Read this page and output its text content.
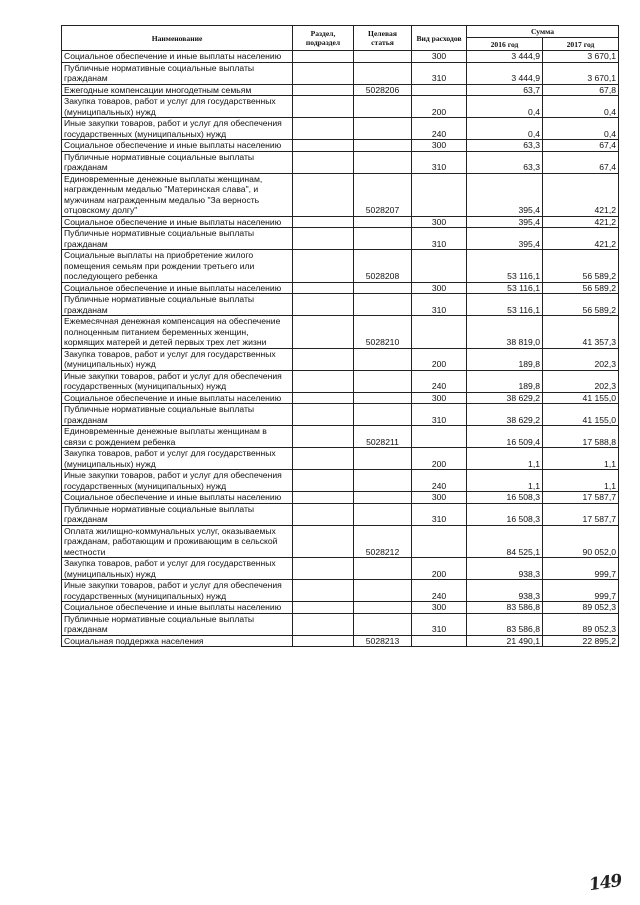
Наименование	Раздел, подраздел	Целевая статья	Вид расходов	Сумма	
				2016 год	2017 год
Социальное обеспечение и иные выплаты населению			300	3 444,9	3 670,1
Публичные нормативные социальные выплаты гражданам			310	3 444,9	3 670,1
Ежегодные компенсации многодетным семьям		5028206		63,7	67,8
Закупка товаров, работ и услуг для государственных (муниципальных) нужд			200	0,4	0,4
Иные закупки товаров, работ и услуг для обеспечения государственных (муниципальных) нужд			240	0,4	0,4
Социальное обеспечение и иные выплаты населению			300	63,3	67,4
Публичные нормативные социальные выплаты гражданам			310	63,3	67,4
Единовременные денежные выплаты женщинам, награжденным медалью "Материнская слава", и мужчинам награжденным медалью "За верность отцовскому долгу"		5028207		395,4	421,2
Социальное обеспечение и иные выплаты населению			300	395,4	421,2
Публичные нормативные социальные выплаты гражданам			310	395,4	421,2
Социальные выплаты на приобретение жилого помещения семьям при рождении третьего или последующего ребенка		5028208		53 116,1	56 589,2
Социальное обеспечение и иные выплаты населению			300	53 116,1	56 589,2
Публичные нормативные социальные выплаты гражданам			310	53 116,1	56 589,2
Ежемесячная денежная компенсация на обеспечение полноценным питанием беременных женщин, кормящих матерей и детей первых трех лет жизни		5028210		38 819,0	41 357,3
Закупка товаров, работ и услуг для государственных (муниципальных) нужд			200	189,8	202,3
Иные закупки товаров, работ и услуг для обеспечения государственных (муниципальных) нужд			240	189,8	202,3
Социальное обеспечение и иные выплаты населению			300	38 629,2	41 155,0
Публичные нормативные социальные выплаты гражданам			310	38 629,2	41 155,0
Единовременные денежные выплаты женщинам в связи с рождением ребенка		5028211		16 509,4	17 588,8
Закупка товаров, работ и услуг для государственных (муниципальных) нужд			200	1,1	1,1
Иные закупки товаров, работ и услуг для обеспечения государственных (муниципальных) нужд			240	1,1	1,1
Социальное обеспечение и иные выплаты населению			300	16 508,3	17 587,7
Публичные нормативные социальные выплаты гражданам			310	16 508,3	17 587,7
Оплата жилищно-коммунальных услуг, оказываемых гражданам, работающим и проживающим в сельской местности		5028212		84 525,1	90 052,0
Закупка товаров, работ и услуг для государственных (муниципальных) нужд			200	938,3	999,7
Иные закупки товаров, работ и услуг для обеспечения государственных (муниципальных) нужд			240	938,3	999,7
Социальное обеспечение и иные выплаты населению			300	83 586,8	89 052,3
Публичные нормативные социальные выплаты гражданам			310	83 586,8	89 052,3
Социальная поддержка населения		5028213		21 490,1	22 895,2
149
